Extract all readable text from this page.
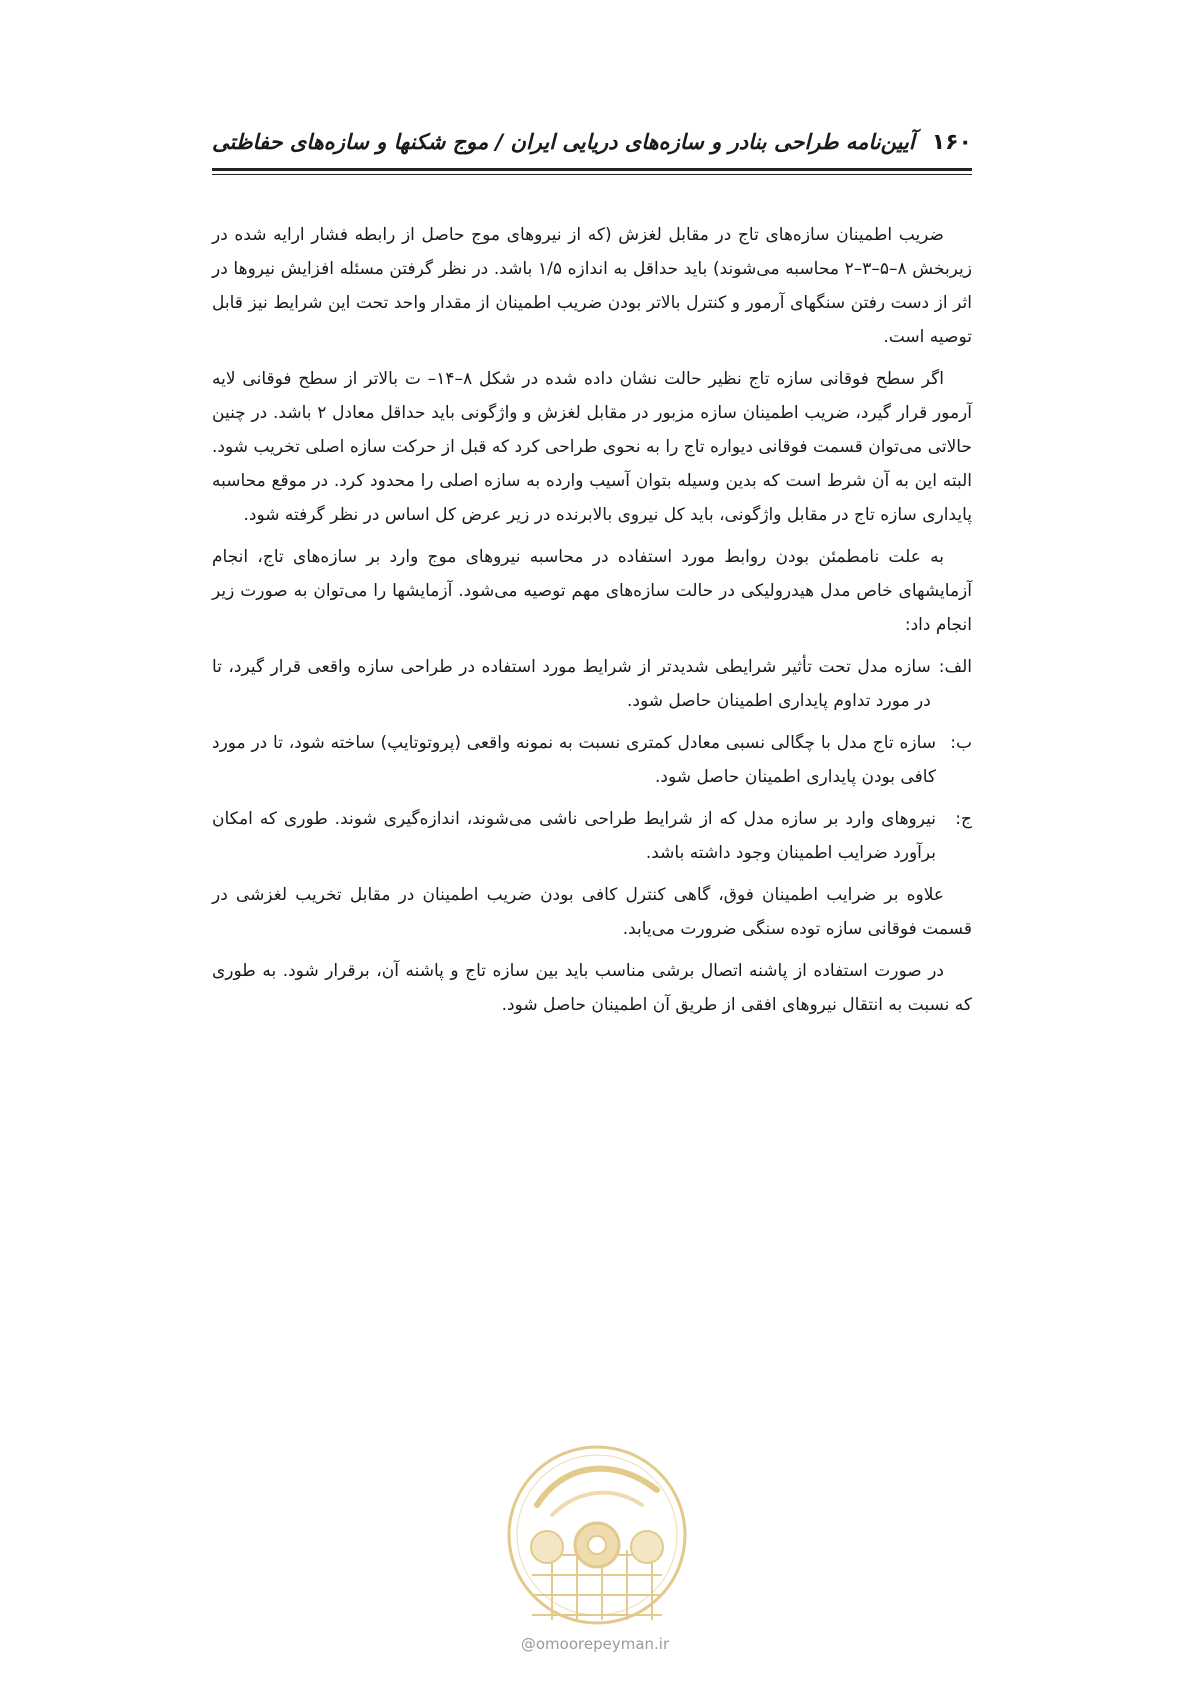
۱۶۰
آیین‌نامه طراحی بنادر و سازه‌های دریایی ایران / موج شکنها و سازه‌های حفاظتی

ضریب اطمینان سازه‌های تاج در مقابل لغزش (که از نیروهای موج حاصل از رابطه فشار ارایه شده در زیربخش ۸–۵–۳–۲ محاسبه می‌شوند) باید حداقل به اندازه ۱/۵ باشد. در نظر گرفتن مسئله افزایش نیروها در اثر از دست رفتن سنگهای آرمور و کنترل بالاتر بودن ضریب اطمینان از مقدار واحد تحت این شرایط نیز قابل توصیه است.

اگر سطح فوقانی سازه تاج نظیر حالت نشان داده شده در شکل ۸–۱۴– ت بالاتر از سطح فوقانی لایه آرمور قرار گیرد، ضریب اطمینان سازه مزبور در مقابل لغزش و واژگونی باید حداقل معادل ۲ باشد. در چنین حالاتی می‌توان قسمت فوقانی دیواره تاج را به نحوی طراحی کرد که قبل از حرکت سازه اصلی تخریب شود. البته این به آن شرط است که بدین وسیله بتوان آسیب وارده به سازه اصلی را محدود کرد. در موقع محاسبه پایداری سازه تاج در مقابل واژگونی، باید کل نیروی بالابرنده در زیر عرض کل اساس در نظر گرفته شود.

به علت نامطمئن بودن روابط مورد استفاده در محاسبه نیروهای موج وارد بر سازه‌های تاج، انجام آزمایشهای خاص مدل هیدرولیکی در حالت سازه‌های مهم توصیه می‌شود. آزمایشها را می‌توان به صورت زیر انجام داد:

الف:
سازه مدل تحت تأثیر شرایطی شدیدتر از شرایط مورد استفاده در طراحی سازه واقعی قرار گیرد، تا در مورد تداوم پایداری اطمینان حاصل شود.
ب:
سازه تاج مدل با چگالی نسبی معادل کمتری نسبت به نمونه واقعی (پروتوتایپ) ساخته شود، تا در مورد کافی بودن پایداری اطمینان حاصل شود.
ج:
نیروهای وارد بر سازه مدل که از شرایط طراحی ناشی می‌شوند، اندازه‌گیری شوند. طوری که امکان برآورد ضرایب اطمینان وجود داشته باشد.

علاوه بر ضرایب اطمینان فوق، گاهی کنترل کافی بودن ضریب اطمینان در مقابل تخریب لغزشی در قسمت فوقانی سازه توده سنگی ضرورت می‌یابد.

در صورت استفاده از پاشنه اتصال برشی مناسب باید بین سازه تاج و پاشنه آن، برقرار شود. به طوری که نسبت به انتقال نیروهای افقی از طریق آن اطمینان حاصل شود.

@omoorepeyman.ir
